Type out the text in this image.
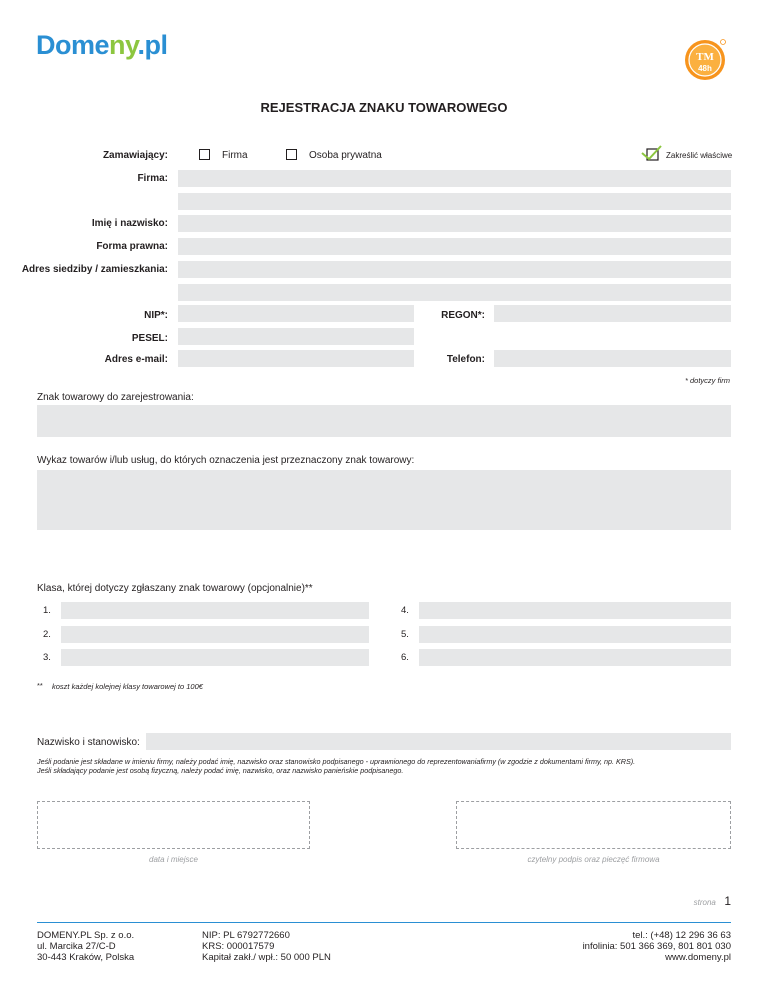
Domeny.pl	TM
48h
REJESTRACJA ZNAKU TOWAROWEGO
Zamawiający:	Firma	Osoba prywatna	Zakreślić właściwe
Firma:
Imię i nazwisko:
Forma prawna:
Adres siedziby / zamieszkania:
NIP*:	REGON*:
PESEL:
Adres e-mail:	Telefon:
* dotyczy firm
Znak towarowy do zarejestrowania:
Wykaz towarów i/lub usług, do których oznaczenia jest przeznaczony znak towarowy:
Klasa, której dotyczy zgłaszany znak towarowy (opcjonalnie)**
1.
2.
3.
4.
5.
6.
** koszt każdej kolejnej klasy towarowej to 100€
Nazwisko i stanowisko:
Jeśli podanie jest składane w imieniu firmy, należy podać imię, nazwisko oraz stanowisko podpisanego - uprawnionego do reprezentowaniafirmy (w zgodzie z dokumentami firmy, np. KRS).
Jeśli składający podanie jest osobą fizyczną, należy podać imię, nazwisko, oraz nazwisko panieńskie podpisanego.
data i miejsce	czytelny podpis oraz pieczęć firmowa
strona 1
DOMENY.PL Sp. z o.o.
ul. Marcika 27/C-D
30-443 Kraków, Polska
NIP: PL 6792772660
KRS: 000017579
Kapitał zakł./ wpł.: 50 000 PLN
tel.: (+48) 12 296 36 63
infolinia: 501 366 369, 801 801 030
www.domeny.pl
